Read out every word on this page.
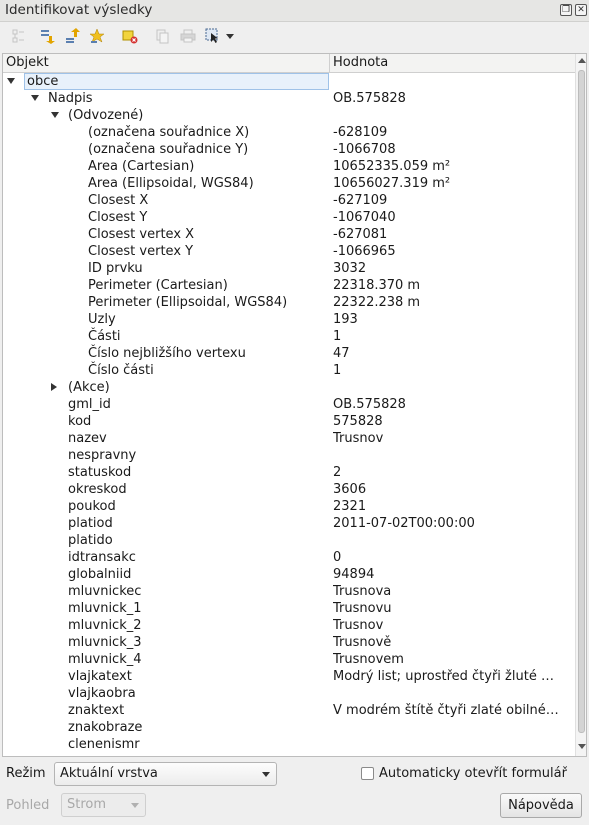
Identifikovat výsledky	❐ ✕
Objekt	Hodnota
obce
Nadpis	OB.575828
(Odvozené)
(označena souřadnice X)	-628109
(označena souřadnice Y)	-1066708
Area (Cartesian)	10652335.059 m²
Area (Ellipsoidal, WGS84)	10656027.319 m²
Closest X	-627109
Closest Y	-1067040
Closest vertex X	-627081
Closest vertex Y	-1066965
ID prvku	3032
Perimeter (Cartesian)	22318.370 m
Perimeter (Ellipsoidal, WGS84)	22322.238 m
Uzly	193
Části	1
Číslo nejbližšího vertexu	47
Číslo části	1
(Akce)
gml_id	OB.575828
kod	575828
nazev	Trusnov
nespravny
statuskod	2
okreskod	3606
poukod	2321
platiod	2011-07-02T00:00:00
platido
idtransakc	0
globalniid	94894
mluvnickec	Trusnova
mluvnick_1	Trusnovu
mluvnick_2	Trusnov
mluvnick_3	Trusnově
mluvnick_4	Trusnovem
vlajkatext	Modrý list; uprostřed čtyři žluté …
vlajkaobra
znaktext	V modrém štítě čtyři zlaté obilné…
znakobraze
clenenismr
Režim	Aktuální vrstva	Automaticky otevřít formulář
Pohled	Strom	Nápověda
